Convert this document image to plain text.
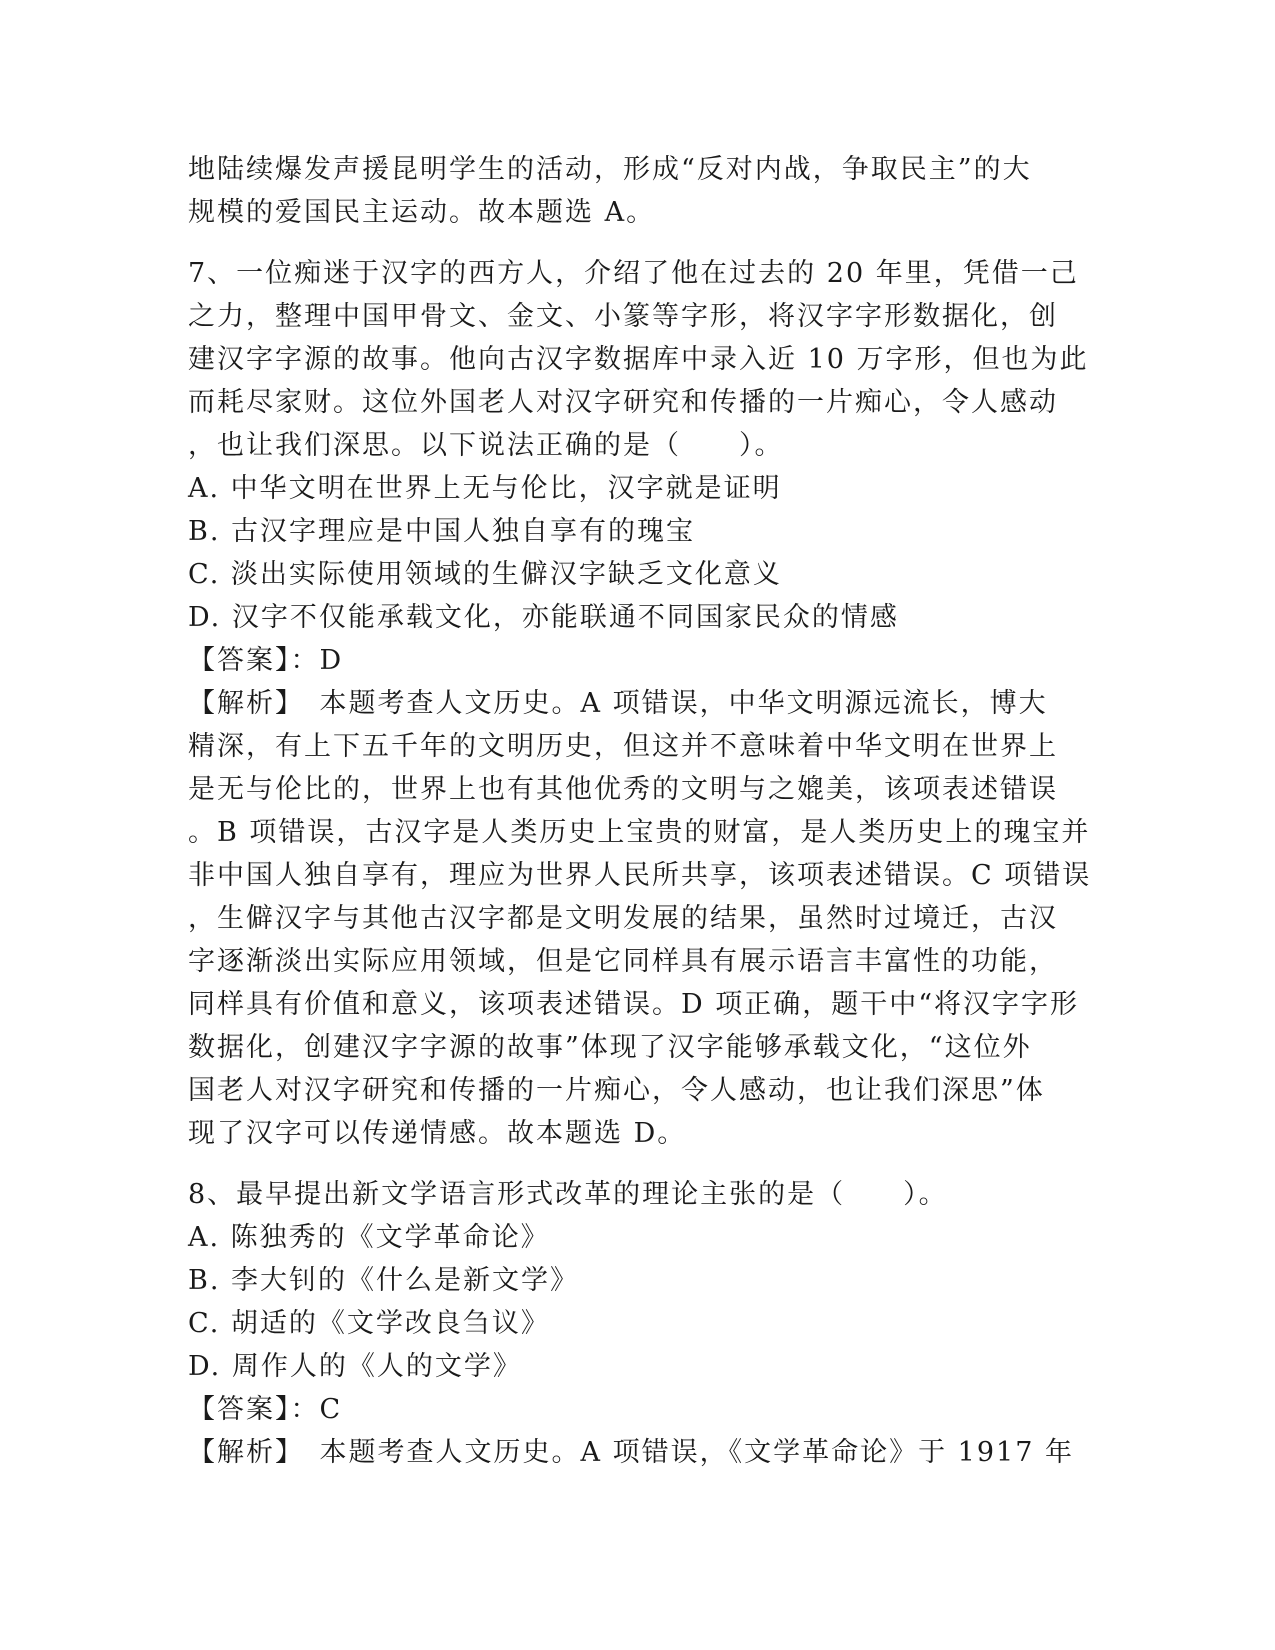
地陆续爆发声援昆明学生的活动，形成“反对内战，争取民主”的大
规模的爱国民主运动。故本题选 A。
7、一位痴迷于汉字的西方人，介绍了他在过去的 20 年里，凭借一己
之力，整理中国甲骨文、金文、小篆等字形，将汉字字形数据化，创
建汉字字源的故事。他向古汉字数据库中录入近 10 万字形，但也为此
而耗尽家财。这位外国老人对汉字研究和传播的一片痴心，令人感动
，也让我们深思。以下说法正确的是（　　）。
A. 中华文明在世界上无与伦比，汉字就是证明
B. 古汉字理应是中国人独自享有的瑰宝
C. 淡出实际使用领域的生僻汉字缺乏文化意义
D. 汉字不仅能承载文化，亦能联通不同国家民众的情感
【答案】：D
【解析】　本题考查人文历史。A 项错误，中华文明源远流长，博大
精深，有上下五千年的文明历史，但这并不意味着中华文明在世界上
是无与伦比的，世界上也有其他优秀的文明与之媲美，该项表述错误
。B 项错误，古汉字是人类历史上宝贵的财富，是人类历史上的瑰宝并
非中国人独自享有，理应为世界人民所共享，该项表述错误。C 项错误
，生僻汉字与其他古汉字都是文明发展的结果，虽然时过境迁，古汉
字逐渐淡出实际应用领域，但是它同样具有展示语言丰富性的功能，
同样具有价值和意义，该项表述错误。D 项正确，题干中“将汉字字形
数据化，创建汉字字源的故事”体现了汉字能够承载文化，“这位外
国老人对汉字研究和传播的一片痴心，令人感动，也让我们深思”体
现了汉字可以传递情感。故本题选 D。
8、最早提出新文学语言形式改革的理论主张的是（　　）。
A. 陈独秀的《文学革命论》
B. 李大钊的《什么是新文学》
C. 胡适的《文学改良刍议》
D. 周作人的《人的文学》
【答案】：C
【解析】　本题考查人文历史。A 项错误，《文学革命论》于 1917 年
